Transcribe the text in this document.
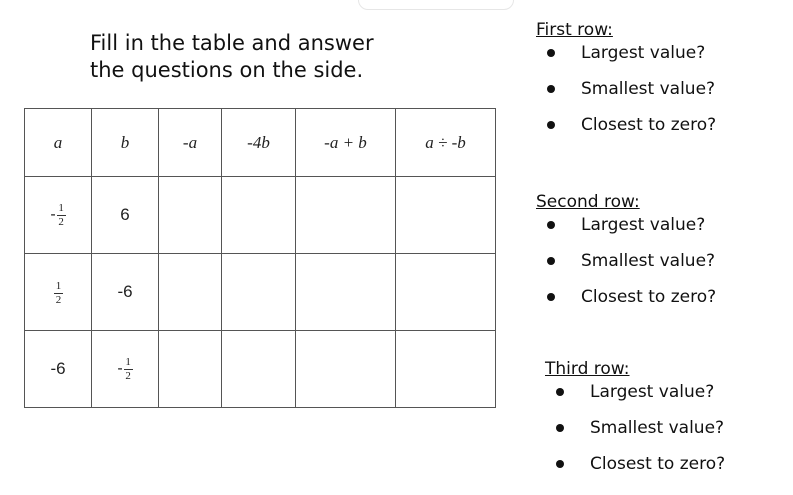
Fill in the table and answer
the questions on the side.
a	b	-a	-4b	-a + b	a ÷ -b

- 1
2	6				

1
2	-6				
-6	- 1
2				

First row:
Largest value?
Smallest value?
Closest to zero?
Second row:
Largest value?
Smallest value?
Closest to zero?
Third row:
Largest value?
Smallest value?
Closest to zero?
